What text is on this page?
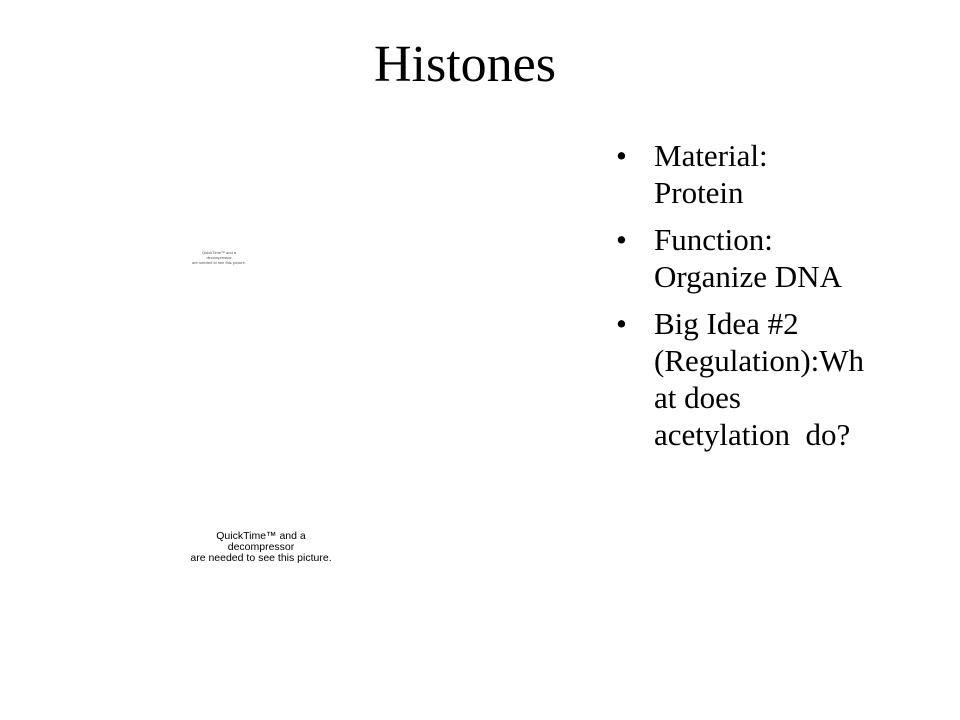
Histones
QuickTime™ and a
decompressor
are needed to see this picture.
QuickTime™ and a
decompressor
are needed to see this picture.
• Material:
Protein
• Function:
Organize DNA
• Big Idea #2
(Regulation):Wh
at does
acetylation  do?
